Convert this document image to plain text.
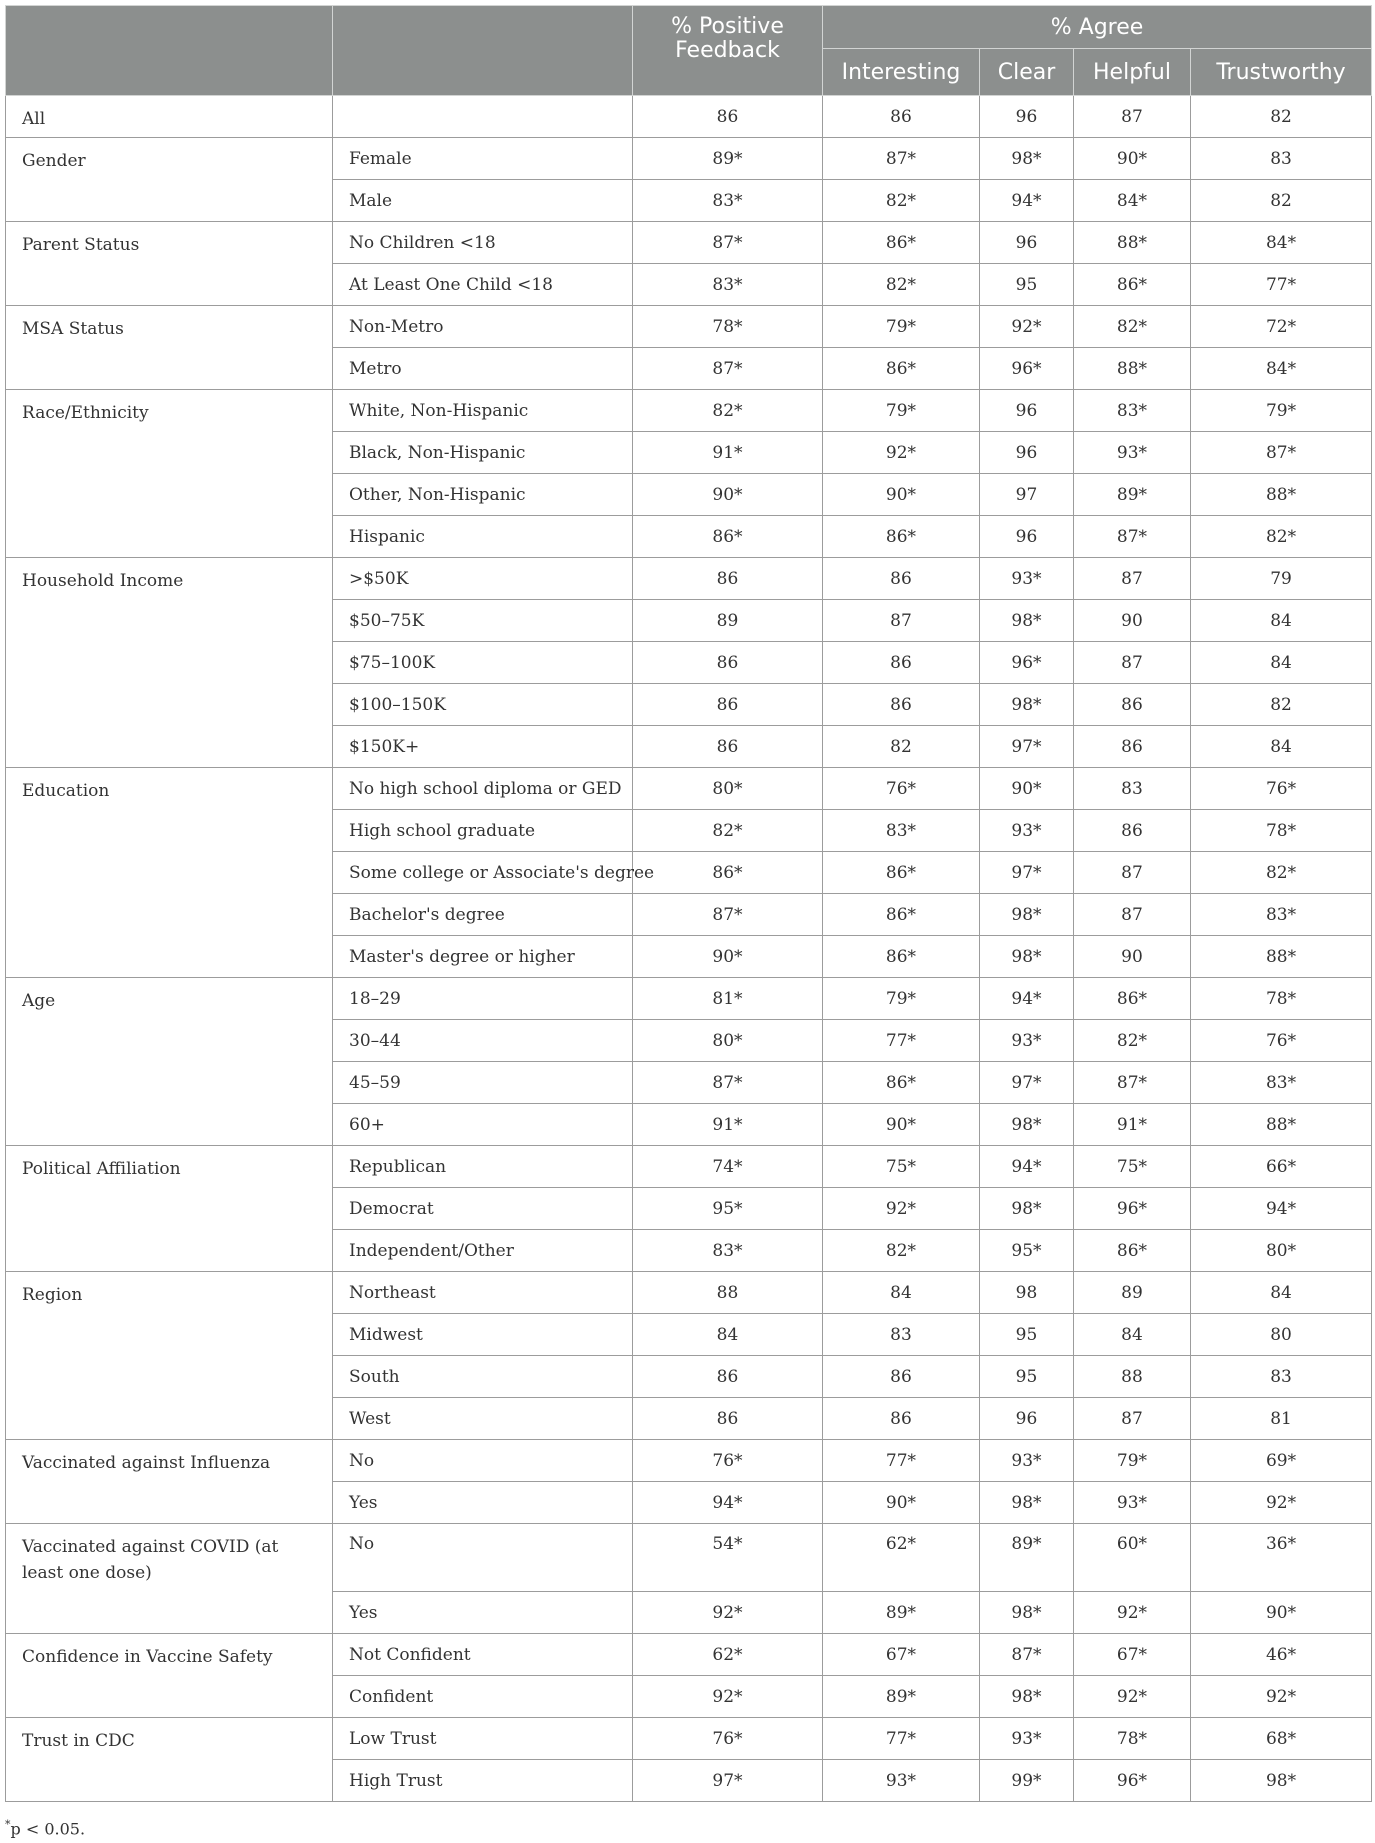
		% Positive Feedback	% Agree			
			Interesting	Clear	Helpful	Trustworthy
All		86	86	96	87	82
Gender	Female	89*	87*	98*	90*	83
	Male	83*	82*	94*	84*	82
Parent Status	No Children <18	87*	86*	96	88*	84*
	At Least One Child <18	83*	82*	95	86*	77*
MSA Status	Non-Metro	78*	79*	92*	82*	72*
	Metro	87*	86*	96*	88*	84*
Race/Ethnicity	White, Non-Hispanic	82*	79*	96	83*	79*
	Black, Non-Hispanic	91*	92*	96	93*	87*
	Other, Non-Hispanic	90*	90*	97	89*	88*
	Hispanic	86*	86*	96	87*	82*
Household Income	>$50K	86	86	93*	87	79
	$50–75K	89	87	98*	90	84
	$75–100K	86	86	96*	87	84
	$100–150K	86	86	98*	86	82
	$150K+	86	82	97*	86	84
Education	No high school diploma or GED	80*	76*	90*	83	76*
	High school graduate	82*	83*	93*	86	78*
	Some college or Associate's degree	86*	86*	97*	87	82*
	Bachelor's degree	87*	86*	98*	87	83*
	Master's degree or higher	90*	86*	98*	90	88*
Age	18–29	81*	79*	94*	86*	78*
	30–44	80*	77*	93*	82*	76*
	45–59	87*	86*	97*	87*	83*
	60+	91*	90*	98*	91*	88*
Political Affiliation	Republican	74*	75*	94*	75*	66*
	Democrat	95*	92*	98*	96*	94*
	Independent/Other	83*	82*	95*	86*	80*
Region	Northeast	88	84	98	89	84
	Midwest	84	83	95	84	80
	South	86	86	95	88	83
	West	86	86	96	87	81
Vaccinated against Influenza	No	76*	77*	93*	79*	69*
	Yes	94*	90*	98*	93*	92*
Vaccinated against COVID (at least one dose)	No	54*	62*	89*	60*	36*
	Yes	92*	89*	98*	92*	90*
Confidence in Vaccine Safety	Not Confident	62*	67*	87*	67*	46*
	Confident	92*	89*	98*	92*	92*
Trust in CDC	Low Trust	76*	77*	93*	78*	68*
	High Trust	97*	93*	99*	96*	98*
*p < 0.05.
